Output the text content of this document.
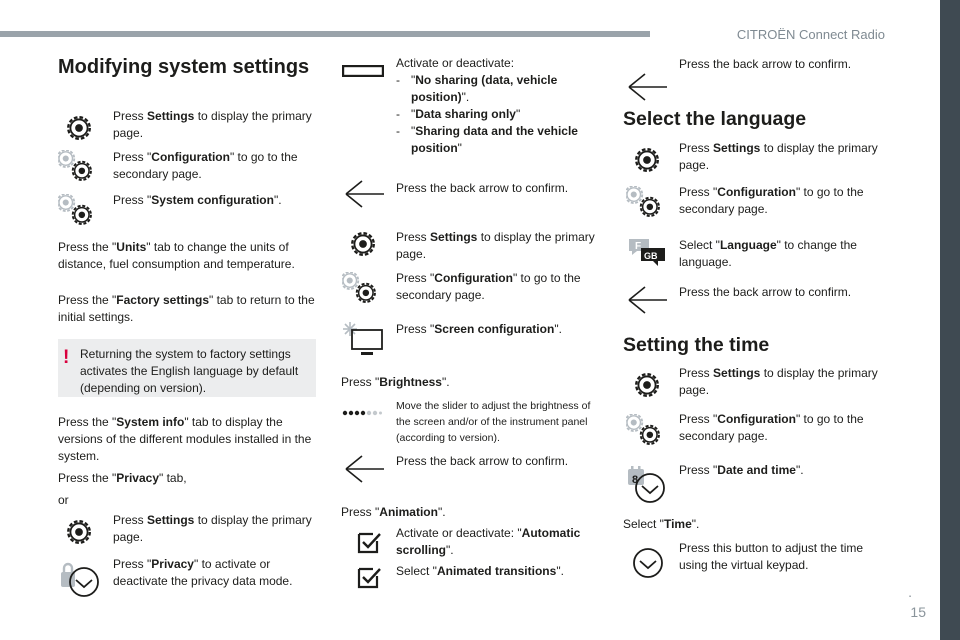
CITROËN Connect Radio
.
15
Modifying system settings
Press Settings to display the primary page.
Press "Configuration" to go to the secondary page.
Press "System configuration".
Press the "Units" tab to change the units of distance, fuel consumption and temperature.
Press the "Factory settings" tab to return to the initial settings.
! Returning the system to factory settings activates the English language by default (depending on version).
Press the "System info" tab to display the versions of the different modules installed in the system.
Press the "Privacy" tab,
or
Press Settings to display the primary page.
Press "Privacy" to activate or deactivate the privacy data mode.
Activate or deactivate:
- "No sharing (data, vehicle position)".
- "Data sharing only"
- "Sharing data and the vehicle position"
Press the back arrow to confirm.
Press Settings to display the primary page.
Press "Configuration" to go to the secondary page.
Press "Screen configuration".
Press "Brightness".
Move the slider to adjust the brightness of the screen and/or of the instrument panel (according to version).
Press the back arrow to confirm.
Press "Animation".
Activate or deactivate: "Automatic scrolling".
Select "Animated transitions".
Press the back arrow to confirm.
Select the language
Press Settings to display the primary page.
Press "Configuration" to go to the secondary page.
F
GB
Select "Language" to change the language.
Press the back arrow to confirm.
Setting the time
Press Settings to display the primary page.
Press "Configuration" to go to the secondary page.
8
Press "Date and time".
Select "Time".
Press this button to adjust the time using the virtual keypad.
